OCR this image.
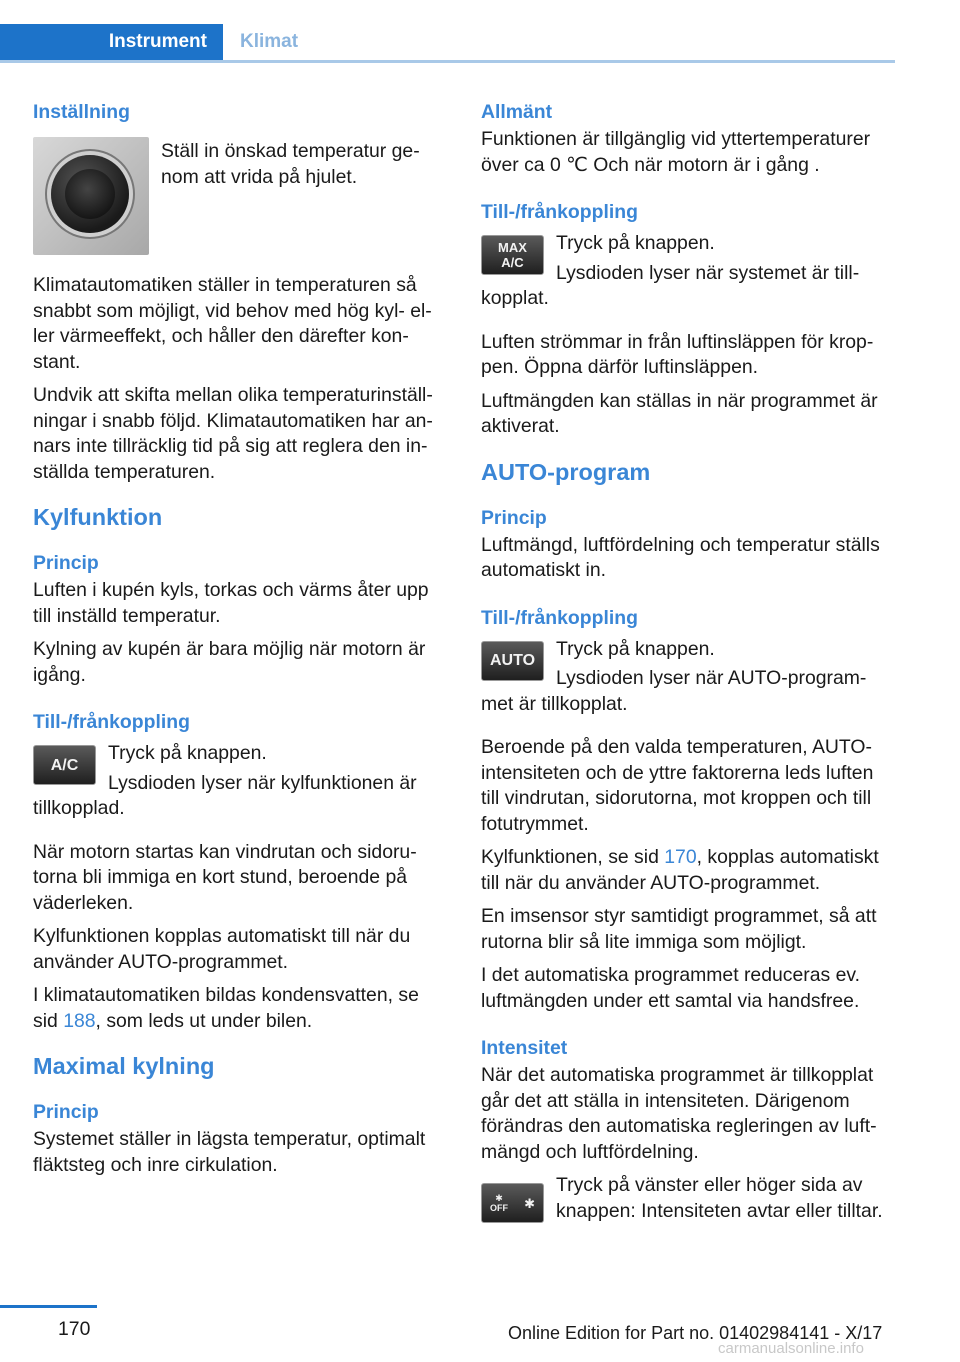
Instrument	Klimat
Inställning

Ställ in önskad temperatur ge- nom att vrida på hjulet.

Klimatautomatiken ställer in temperaturen så snabbt som möjligt, vid behov med hög kyl- el- ler värmeeffekt, och håller den därefter kon- stant.

Undvik att skifta mellan olika temperaturinställ- ningar i snabb följd. Klimatautomatiken har an- nars inte tillräcklig tid på sig att reglera den in- ställda temperaturen.

Kylfunktion
Princip

Luften i kupén kyls, torkas och värms åter upp till inställd temperatur.

Kylning av kupén är bara möjlig när motorn är igång.

Till-/frånkoppling
A/C

Tryck på knappen.

Lysdioden lyser när kylfunktionen är tillkopplad.

När motorn startas kan vindrutan och sidoru- torna bli immiga en kort stund, beroende på väderleken.

Kylfunktionen kopplas automatiskt till när du använder AUTO-programmet.

I klimatautomatiken bildas kondensvatten, se sid 188, som leds ut under bilen.

Maximal kylning
Princip

Systemet ställer in lägsta temperatur, optimalt fläktsteg och inre cirkulation.

Allmänt

Funktionen är tillgänglig vid yttertemperaturer över ca 0 ℃ Och när motorn är i gång .

Till-/frånkoppling
MAX
A/C

Tryck på knappen.

Lysdioden lyser när systemet är till- kopplat.

Luften strömmar in från luftinsläppen för krop- pen. Öppna därför luftinsläppen.

Luftmängden kan ställas in när programmet är aktiverat.

AUTO-program
Princip

Luftmängd, luftfördelning och temperatur ställs automatiskt in.

Till-/frånkoppling
AUTO

Tryck på knappen.

Lysdioden lyser när AUTO-program- met är tillkopplat.

Beroende på den valda temperaturen, AUTO- intensiteten och de yttre faktorerna leds luften till vindrutan, sidorutorna, mot kroppen och till fotutrymmet.

Kylfunktionen, se sid 170, kopplas automatiskt till när du använder AUTO-programmet.

En imsensor styr samtidigt programmet, så att rutorna blir så lite immiga som möjligt.

I det automatiska programmet reduceras ev. luftmängden under ett samtal via handsfree.

Intensitet

När det automatiska programmet är tillkopplat går det att ställa in intensiteten. Därigenom förändras den automatiska regleringen av luft- mängd och luftfördelning.

✱
OFF ✱

Tryck på vänster eller höger sida av knappen: Intensiteten avtar eller tilltar.

170	Online Edition for Part no. 01402984141 - X/17
carmanualsonline.info
